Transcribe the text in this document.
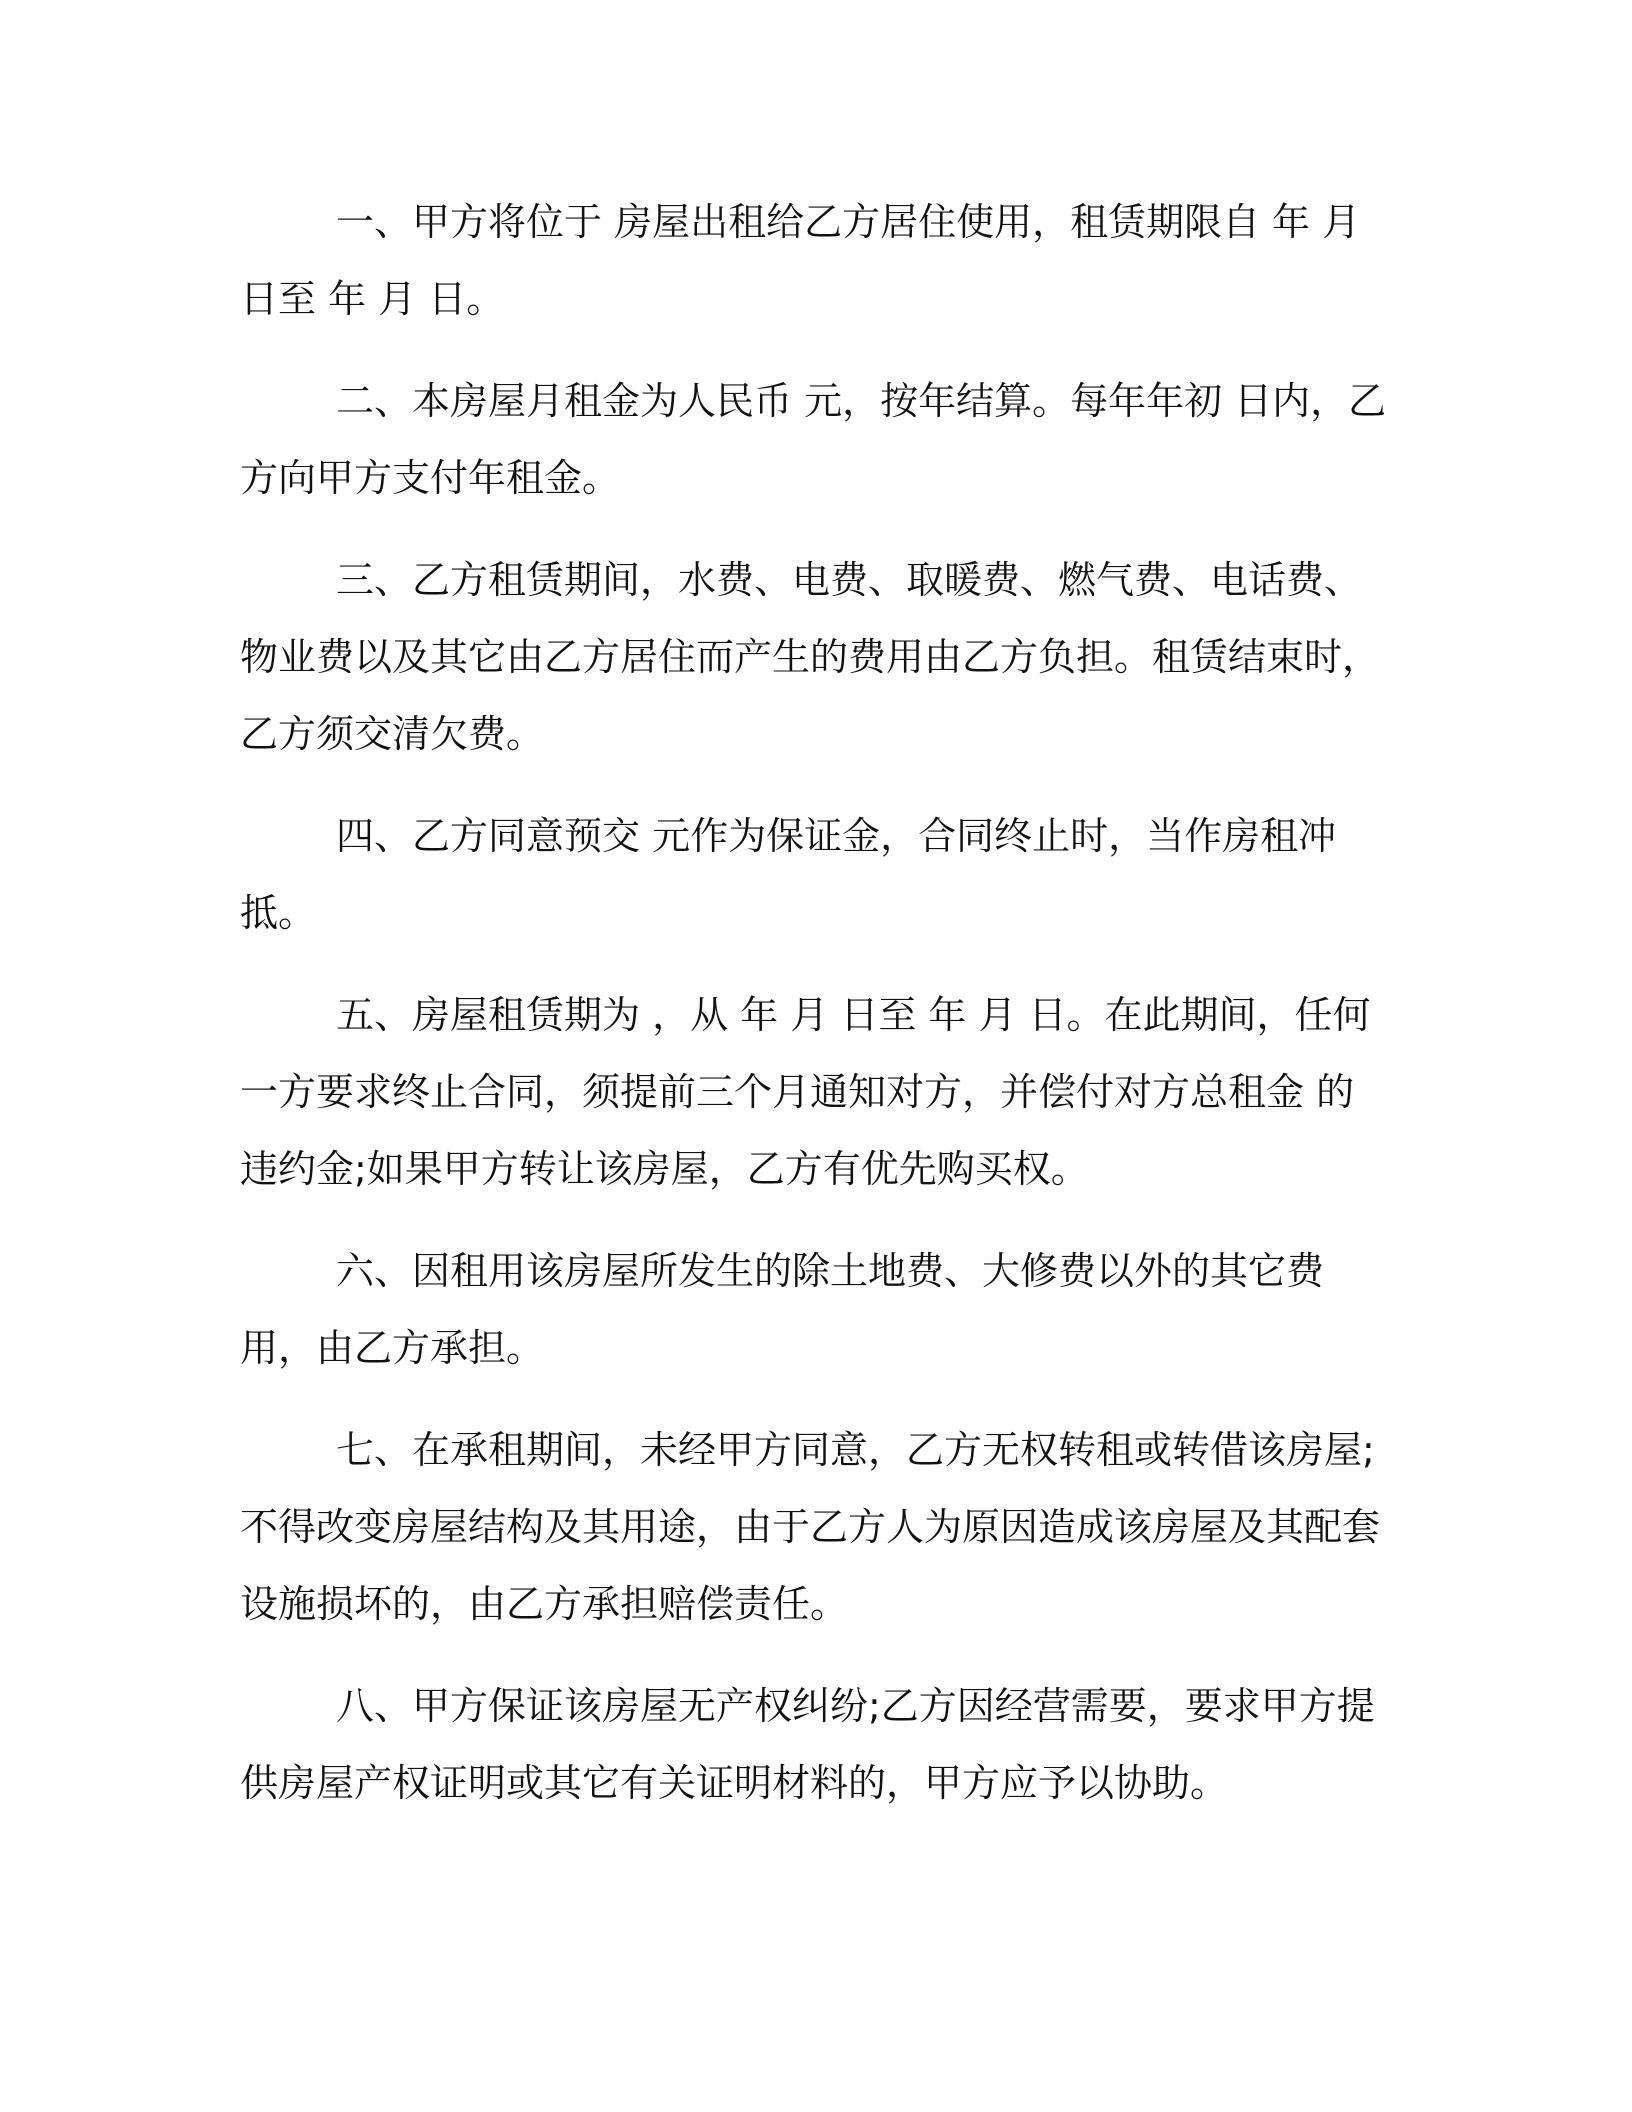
一、甲方将位于 房屋出租给乙方居住使用，租赁期限自 年 月 日至 年 月 日。

二、本房屋月租金为人民币 元，按年结算。每年年初 日内，乙方向甲方支付年租金。

三、乙方租赁期间，水费、电费、取暖费、燃气费、电话费、物业费以及其它由乙方居住而产生的费用由乙方负担。租赁结束时，乙方须交清欠费。

四、乙方同意预交 元作为保证金，合同终止时，当作房租冲抵。

五、房屋租赁期为 ，从 年 月 日至 年 月 日。在此期间，任何一方要求终止合同，须提前三个月通知对方，并偿付对方总租金 的违约金;如果甲方转让该房屋，乙方有优先购买权。

六、因租用该房屋所发生的除土地费、大修费以外的其它费用，由乙方承担。

七、在承租期间，未经甲方同意，乙方无权转租或转借该房屋;不得改变房屋结构及其用途，由于乙方人为原因造成该房屋及其配套设施损坏的，由乙方承担赔偿责任。

八、甲方保证该房屋无产权纠纷;乙方因经营需要，要求甲方提供房屋产权证明或其它有关证明材料的，甲方应予以协助。
